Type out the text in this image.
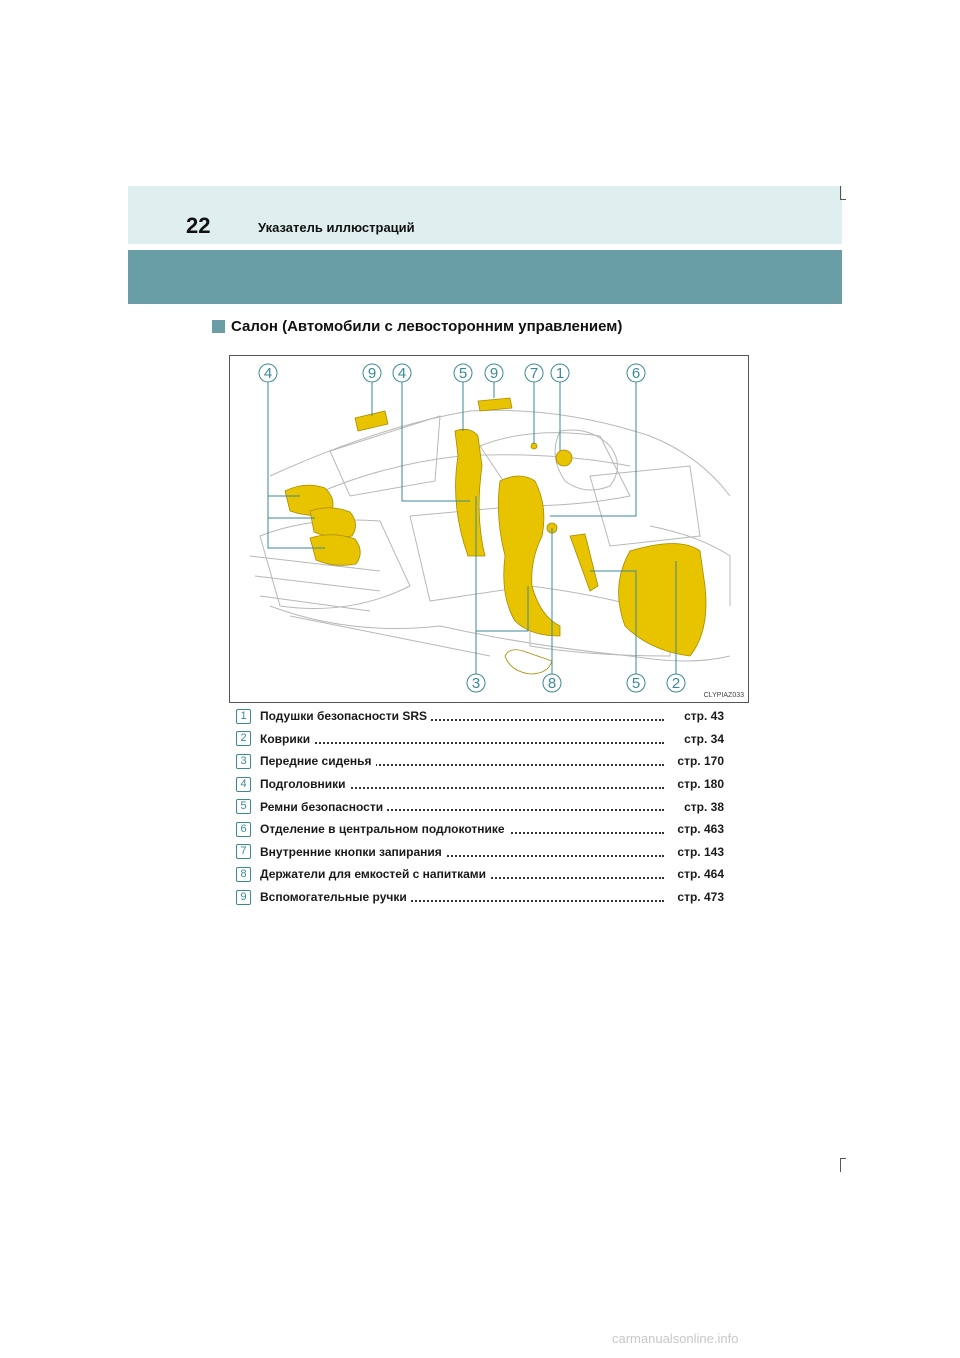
22	Указатель иллюстраций
Салон (Автомобили с левосторонним управлением)
4	9 4	5 9 7 1	6
3	8	5 2
CLYPIAZ033
1	Подушки безопасности SRS	стр. 43
2	Коврики	стр. 34
3	Передние сиденья	стр. 170
4	Подголовники	стр. 180
5	Ремни безопасности	стр. 38
6	Отделение в центральном подлокотнике	стр. 463
7	Внутренние кнопки запирания	стр. 143
8	Держатели для емкостей с напитками	стр. 464
9	Вспомогательные ручки	стр. 473
carmanualsonline.info
